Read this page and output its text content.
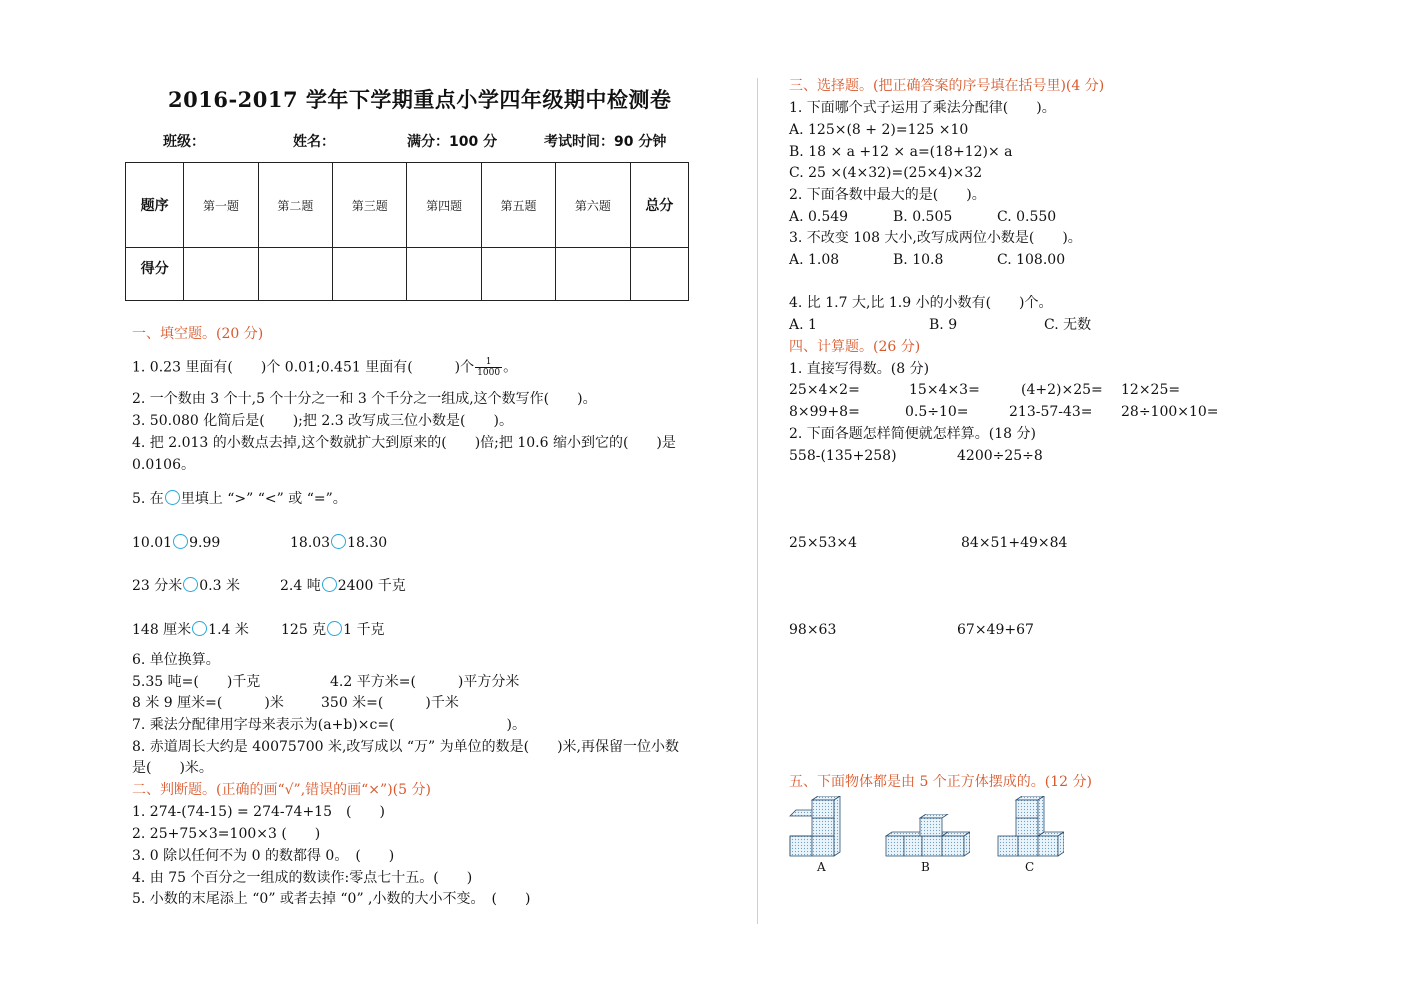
2016-2017 学年下学期重点小学四年级期中检测卷
班级：	姓名：	满分：100 分	考试时间：90 分钟
题序	第一题	第二题	第三题	第四题	第五题	第六题	总分
得分							
一、填空题。(20 分)
1. 0.23 里面有(　　)个 0.01;0.451 里面有(　　　)个 $\frac{1}{1000}$ 。
2. 一个数由 3 个十,5 个十分之一和 3 个千分之一组成,这个数写作(　　)。
3. 50.080 化简后是(　　);把 2.3 改写成三位小数是(　　)。
4. 把 2.013 的小数点去掉,这个数就扩大到原来的(　　)倍;把 10.6 缩小到它的(　　)是
0.0106。
5. 在 里填上 “>” “<” 或 “=”。
10.01 9.99	18.03 18.30
23 分米 0.3 米	2.4 吨 2400 千克
148 厘米 1.4 米 125 克 1 千克
6. 单位换算。
5.35 吨=(　　)千克	4.2 平方米=(　　　)平方分米
8 米 9 厘米=(　　　)米	350 米=(　　　)千米
7. 乘法分配律用字母来表示为(a+b)×c=(　　　　　　　　)。
8. 赤道周长大约是 40075700 米,改写成以 “万” 为单位的数是(　　)米,再保留一位小数
是(　　)米。
二、判断题。(正确的画“√”,错误的画“×”)(5 分)
1. 274-(74-15) = 274-74+15　(　　)
2. 25+75×3=100×3 (　　)
3. 0 除以任何不为 0 的数都得 0。　(　　)
4. 由 75 个百分之一组成的数读作:零点七十五。(　　)
5. 小数的末尾添上 “0” 或者去掉 “0” ,小数的大小不变。　(　　)
三、选择题。(把正确答案的序号填在括号里)(4 分)
1. 下面哪个式子运用了乘法分配律(　　)。
A. 125×(8 + 2)=125 ×10
B. 18 × a +12 × a=(18+12)× a
C. 25 ×(4×32)=(25×4)×32
2. 下面各数中最大的是(　　)。
A. 0.549	B. 0.505	C. 0.550
3. 不改变 108 大小,改写成两位小数是(　　)。
A. 1.08	B. 10.8	C. 108.00
4. 比 1.7 大,比 1.9 小的小数有(　　)个。
A. 1	B. 9	C. 无数
四、计算题。(26 分)
1. 直接写得数。(8 分)
25×4×2=	15×4×3=	(4+2)×25= 12×25=
8×99+8=	0.5÷10=	213-57-43= 28÷100×10=
2. 下面各题怎样简便就怎样算。(18 分)
558-(135+258)	4200÷25÷8
25×53×4	84×51+49×84
98×63	67×49+67
五、下面物体都是由 5 个正方体摆成的。(12 分)
A	B	C
